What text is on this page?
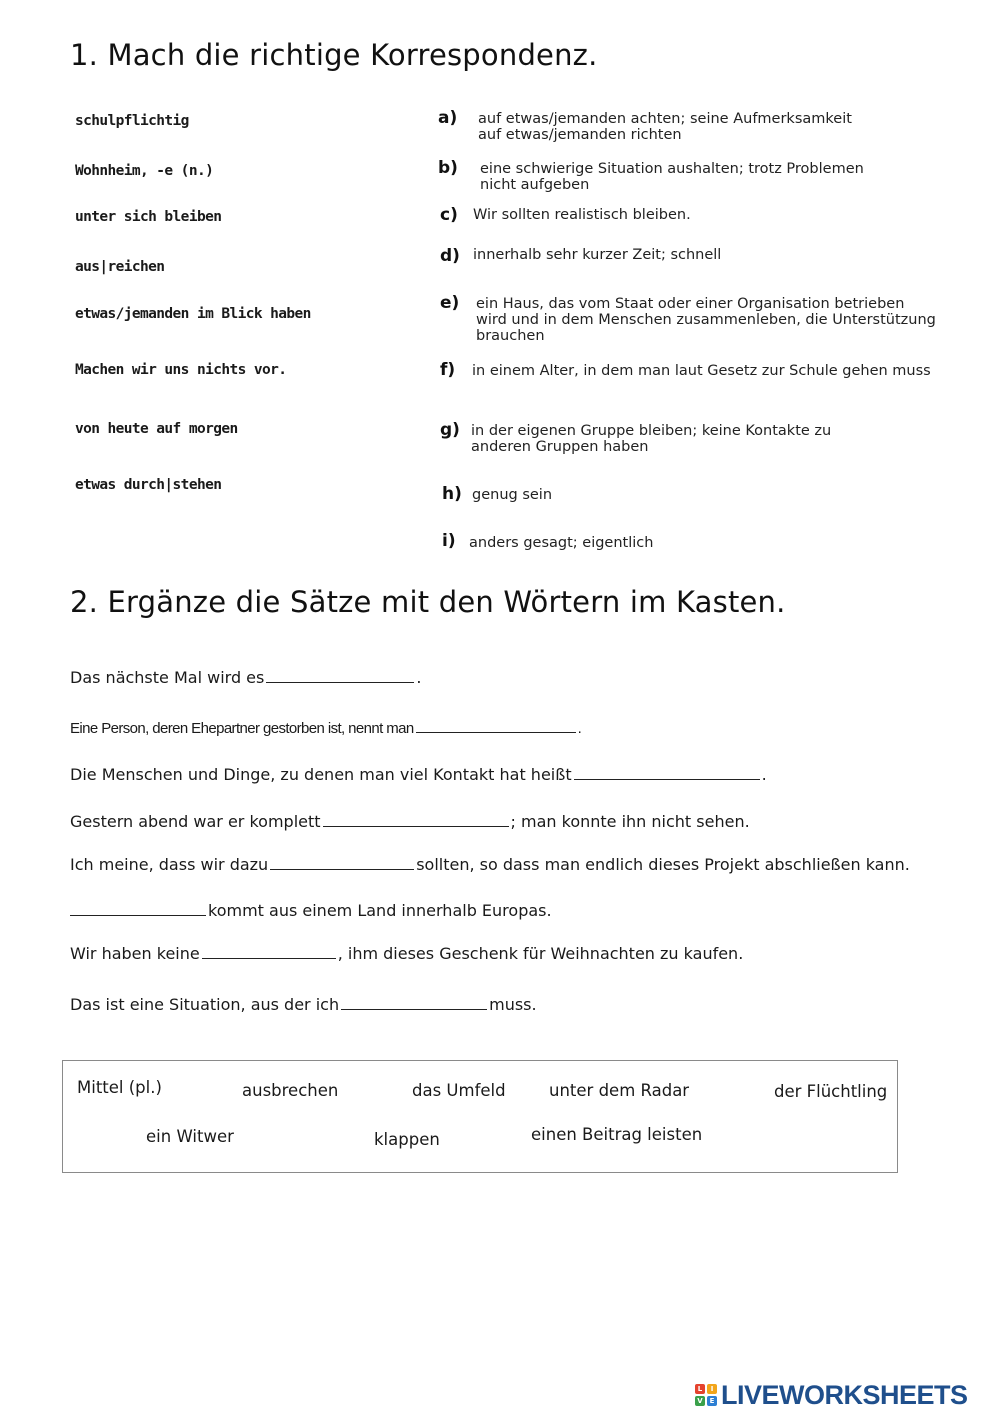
1. Mach die richtige Korrespondenz.
schulpflichtig
Wohnheim, -e (n.)
unter sich bleiben
aus|reichen
etwas/jemanden im Blick haben
Machen wir uns nichts vor.
von heute auf morgen
etwas durch|stehen
a) auf etwas/jemanden achten; seine Aufmerksamkeit auf etwas/jemanden richten
b) eine schwierige Situation aushalten; trotz Problemen nicht aufgeben
c) Wir sollten realistisch bleiben.
d) innerhalb sehr kurzer Zeit; schnell
e) ein Haus, das vom Staat oder einer Organisation betrieben wird und in dem Menschen zusammenleben, die Unterstützung brauchen
f) in einem Alter, in dem man laut Gesetz zur Schule gehen muss
g) in der eigenen Gruppe bleiben; keine Kontakte zu anderen Gruppen haben
h) genug sein
i) anders gesagt; eigentlich
2. Ergänze die Sätze mit den Wörtern im Kasten.
Das nächste Mal wird es	.
Eine Person, deren Ehepartner gestorben ist, nennt man	.
Die Menschen und Dinge, zu denen man viel Kontakt hat heißt	.
Gestern abend war er komplett	; man konnte ihn nicht sehen.
Ich meine, dass wir dazu	sollten, so dass man endlich dieses Projekt abschließen kann.
kommt aus einem Land innerhalb Europas.
Wir haben keine	, ihm dieses Geschenk für Weihnachten zu kaufen.
Das ist eine Situation, aus der ich	muss.
Mittel (pl.)	ausbrechen	das Umfeld	unter dem Radar	der Flüchtling
ein Witwer	klappen	einen Beitrag leisten
L	I
V E LIVEWORKSHEETS
